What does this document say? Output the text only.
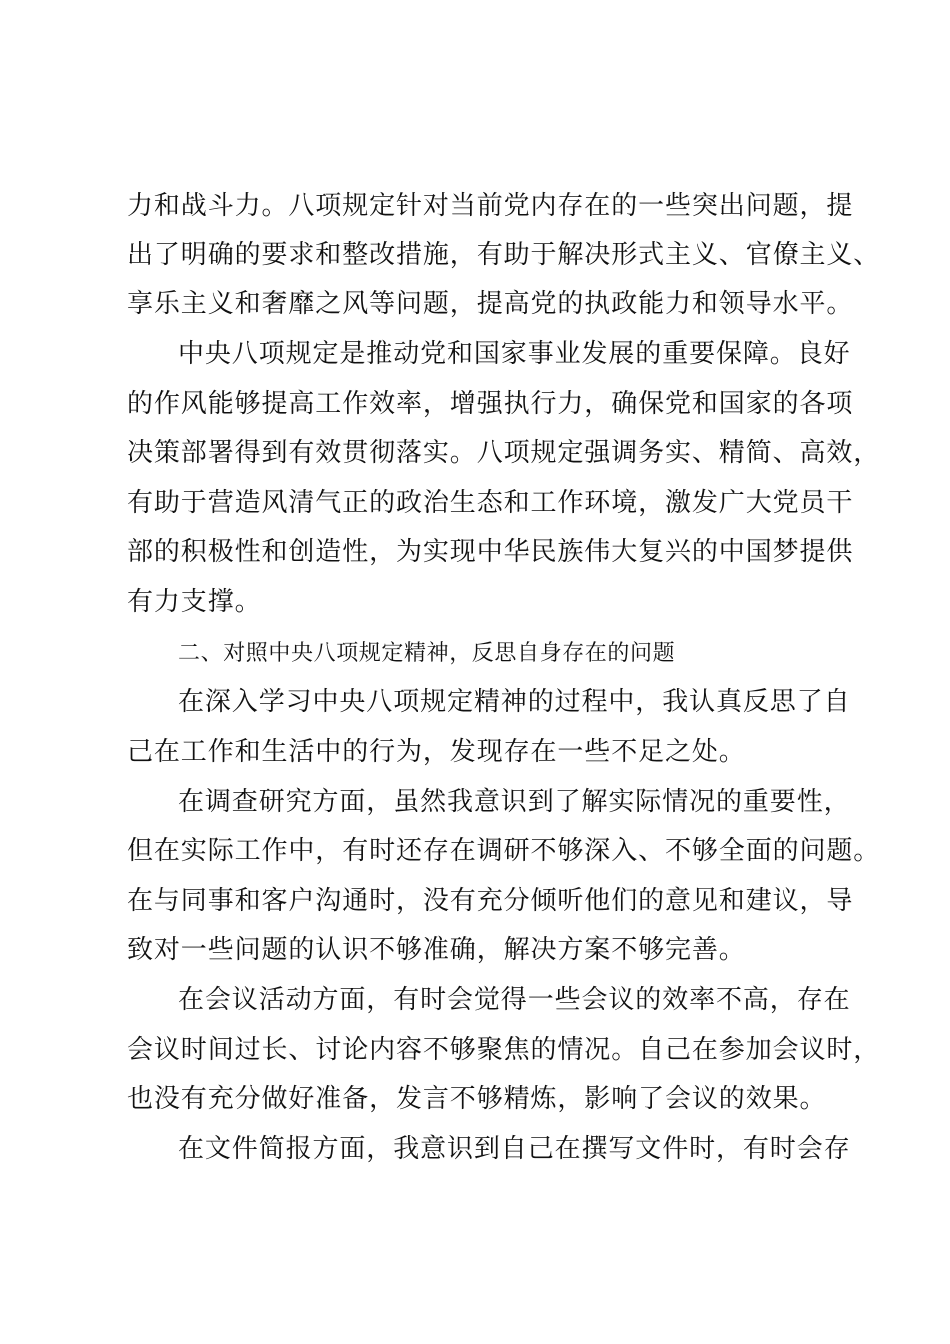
力和战斗力。八项规定针对当前党内存在的一些突出问题，提
出了明确的要求和整改措施，有助于解决形式主义、官僚主义、
享乐主义和奢靡之风等问题，提高党的执政能力和领导水平。
中央八项规定是推动党和国家事业发展的重要保障。良好
的作风能够提高工作效率，增强执行力，确保党和国家的各项
决策部署得到有效贯彻落实。八项规定强调务实、精简、高效，
有助于营造风清气正的政治生态和工作环境，激发广大党员干
部的积极性和创造性，为实现中华民族伟大复兴的中国梦提供
有力支撑。
二、对照中央八项规定精神，反思自身存在的问题
在深入学习中央八项规定精神的过程中，我认真反思了自
己在工作和生活中的行为，发现存在一些不足之处。
在调查研究方面，虽然我意识到了解实际情况的重要性，
但在实际工作中，有时还存在调研不够深入、不够全面的问题。
在与同事和客户沟通时，没有充分倾听他们的意见和建议，导
致对一些问题的认识不够准确，解决方案不够完善。
在会议活动方面，有时会觉得一些会议的效率不高，存在
会议时间过长、讨论内容不够聚焦的情况。自己在参加会议时，
也没有充分做好准备，发言不够精炼，影响了会议的效果。
在文件简报方面，我意识到自己在撰写文件时，有时会存
